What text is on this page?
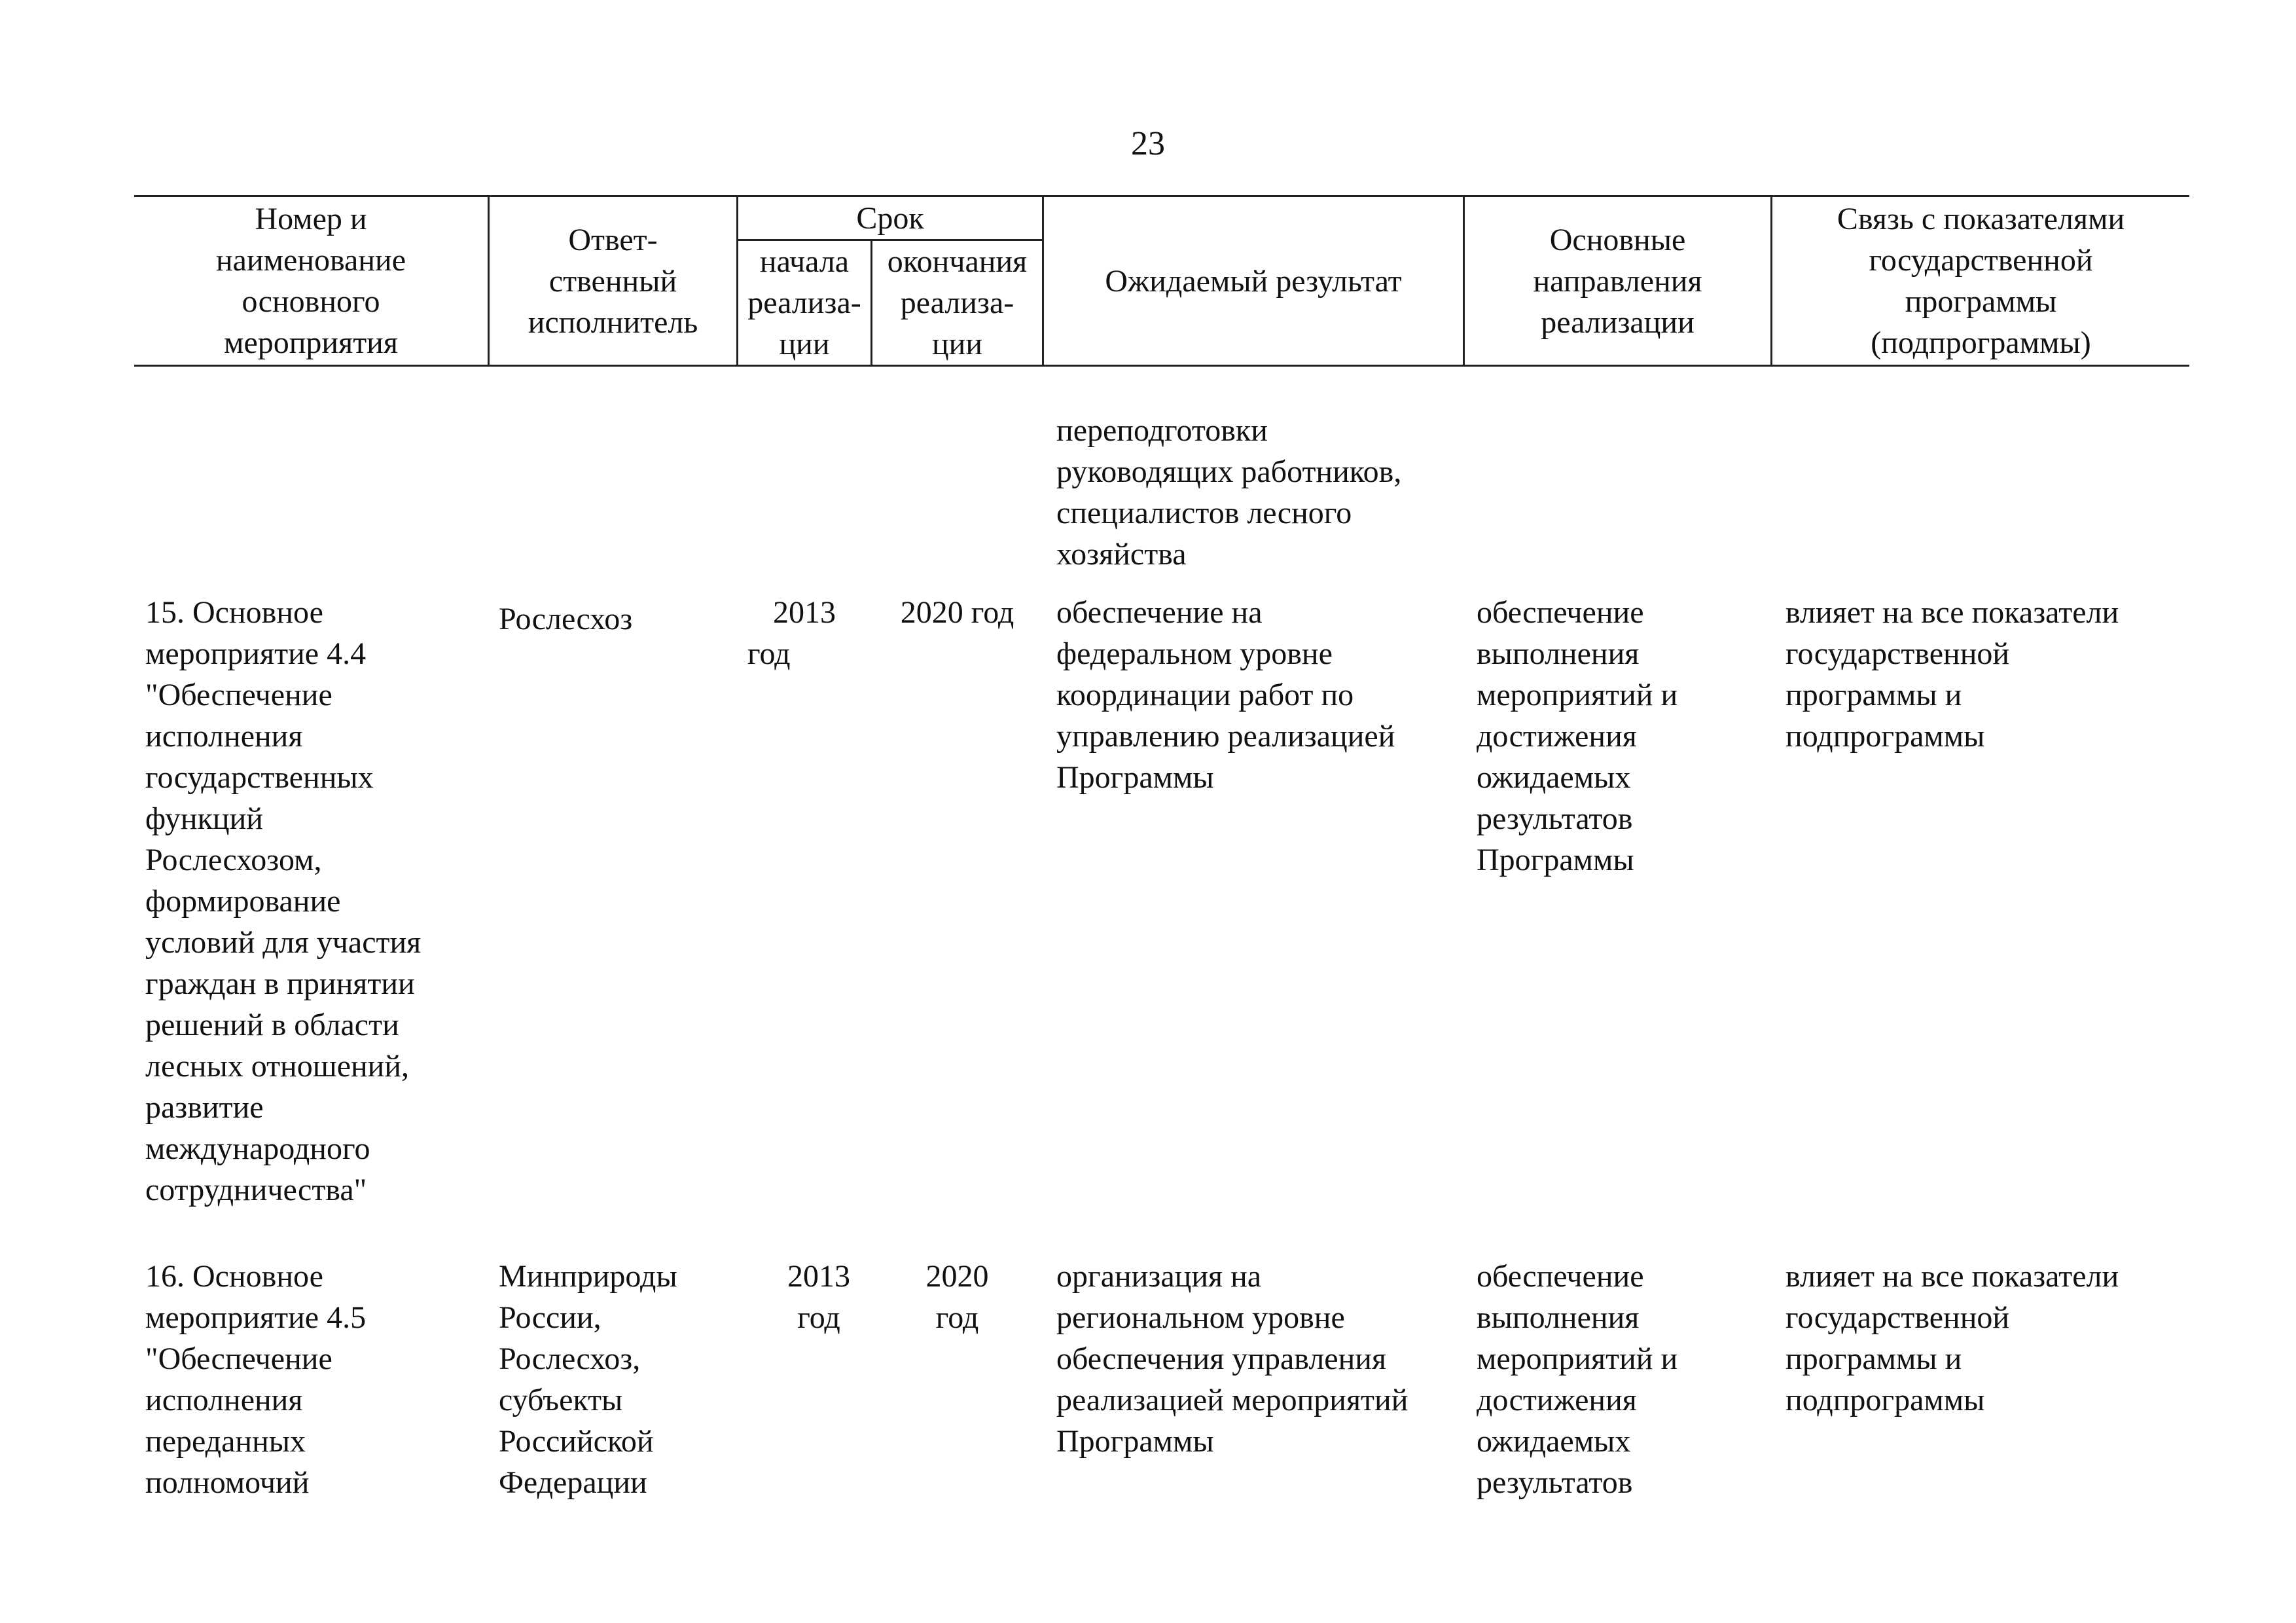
23
Номер и
наименование
основного
мероприятия
Ответ-
ственный
исполнитель
Срок
начала
реализа-
ции
окончания
реализа-
ции
Ожидаемый результат
Основные
направления
реализации
Связь с показателями
государственной
программы
(подпрограммы)
переподготовки
руководящих работников,
специалистов лесного
хозяйства
15. Основное
мероприятие 4.4
"Обеспечение
исполнения
государственных
функций
Рослесхозом,
формирование
условий для участия
граждан в принятии
решений в области
лесных отношений,
развитие
международного
сотрудничества"
Рослесхоз	2013
год
2020 год	обеспечение на
федеральном уровне
координации работ по
управлению реализацией
Программы
обеспечение
выполнения
мероприятий и
достижения
ожидаемых
результатов
Программы
влияет на все показатели
государственной
программы и
подпрограммы
16. Основное
мероприятие 4.5
"Обеспечение
исполнения
переданных
полномочий
Минприроды
России,
Рослесхоз,
субъекты
Российской
Федерации
2013
год
2020
год
организация на
региональном уровне
обеспечения управления
реализацией мероприятий
Программы
обеспечение
выполнения
мероприятий и
достижения
ожидаемых
результатов
влияет на все показатели
государственной
программы и
подпрограммы
